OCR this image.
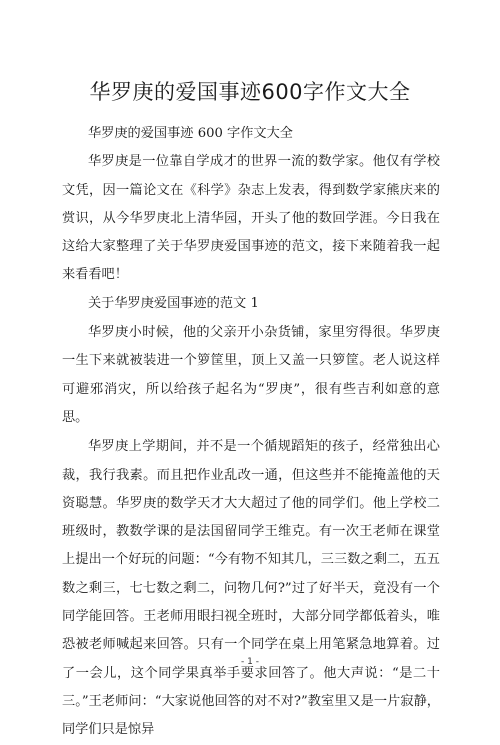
华罗庚的爱国事迹600字作文大全

华罗庚的爱国事迹 600 字作文大全

华罗庚是一位靠自学成才的世界一流的数学家。他仅有学校文凭，因一篇论文在《科学》杂志上发表，得到数学家熊庆来的赏识，从今华罗庚北上清华园，开头了他的数回学涯。今日我在这给大家整理了关于华罗庚爱国事迹的范文，接下来随着我一起来看看吧！

关于华罗庚爱国事迹的范文 1

华罗庚小时候，他的父亲开小杂货铺，家里穷得很。华罗庚一生下来就被装进一个箩筐里，顶上又盖一只箩筐。老人说这样可避邪消灾，所以给孩子起名为“罗庚”，很有些吉利如意的意思。

华罗庚上学期间，并不是一个循规蹈矩的孩子，经常独出心裁，我行我素。而且把作业乱改一通，但这些并不能掩盖他的天资聪慧。华罗庚的数学天才大大超过了他的同学们。他上学校二班级时，教数学课的是法国留同学王维克。有一次王老师在课堂上提出一个好玩的问题：“今有物不知其几，三三数之剩二，五五数之剩三，七七数之剩二，问物几何?”过了好半天，竟没有一个同学能回答。王老师用眼扫视全班时，大部分同学都低着头，唯恐被老师喊起来回答。只有一个同学在桌上用笔紧急地算着。过了一会儿，这个同学果真举手要求回答了。他大声说：“是二十三。”王老师问：“大家说他回答的对不对?”教室里又是一片寂静，同学们只是惊异

- 1 -
